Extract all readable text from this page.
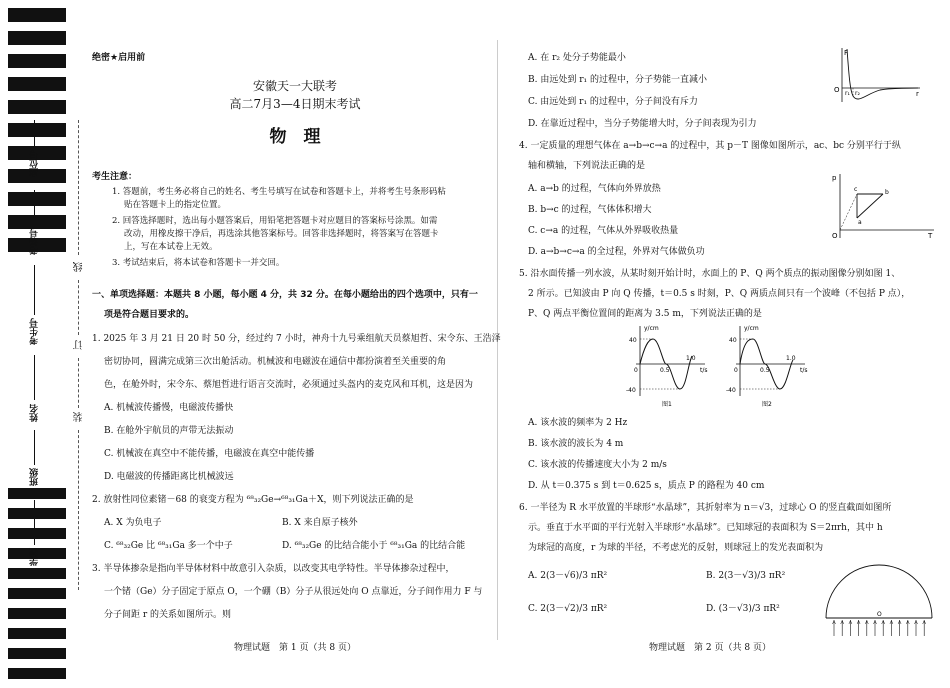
座位号
考场号
考生号
姓名
班级
学校
线
订
装
绝密★启用前
安徽天一大联考
高二7月3—4日期末考试
物　理
考生注意：
1. 答题前，考生务必将自己的姓名、考生号填写在试卷和答题卡上，并将考生号条形码粘
贴在答题卡上的指定位置。
2. 回答选择题时，选出每小题答案后，用铅笔把答题卡对应题目的答案标号涂黑。如需
改动，用橡皮擦干净后，再选涂其他答案标号。回答非选择题时，将答案写在答题卡
上，写在本试卷上无效。
3. 考试结束后，将本试卷和答题卡一并交回。
一、单项选择题：本题共 8 小题，每小题 4 分，共 32 分。在每小题给出的四个选项中，只有一
项是符合题目要求的。
1. 2025 年 3 月 21 日 20 时 50 分，经过约 7 小时，神舟十九号乘组航天员蔡旭哲、宋令东、王浩泽
密切协同，圆满完成第三次出舱活动。机械波和电磁波在通信中都扮演着至关重要的角
色，在舱外时，宋令东、蔡旭哲进行语言交流时，必须通过头盔内的麦克风和耳机，这是因为
A. 机械波传播慢，电磁波传播快
B. 在舱外宇航员的声带无法振动
C. 机械波在真空中不能传播，电磁波在真空中能传播
D. 电磁波的传播距离比机械波远
2. 放射性同位素锗－68 的衰变方程为 ⁶⁸₃₂Ge→⁶⁸₃₁Ga＋X，则下列说法正确的是
A. X 为负电子	B. X 来自原子核外
C. ⁶⁸₃₂Ge 比 ⁶⁸₃₁Ga 多一个中子	D. ⁶⁸₃₂Ge 的比结合能小于 ⁶⁸₃₁Ga 的比结合能
3. 半导体掺杂是指向半导体材料中故意引入杂质，以改变其电学特性。半导体掺杂过程中，
一个锗（Ge）分子固定于原点 O，一个硼（B）分子从很远处向 O 点靠近，分子间作用力 F 与
分子间距 r 的关系如图所示。则
物理试题　第 1 页（共 8 页）
A. 在 r₂ 处分子势能最小
B. 由远处到 r₁ 的过程中，分子势能一直减小
C. 由远处到 r₁ 的过程中，分子间没有斥力
D. 在靠近过程中，当分子势能增大时，分子间表现为引力
F
r
O r₁ r₂
4. 一定质量的理想气体在 a→b→c→a 的过程中，其 p－T 图像如图所示，ac、bc 分别平行于纵
轴和横轴，下列说法正确的是
A. a→b 的过程，气体向外界放热
B. b→c 的过程，气体体积增大
C. c→a 的过程，气体从外界吸收热量
D. a→b→c→a 的全过程，外界对气体做负功
p
T
O
a
b
c
5. 沿水面传播一列水波，从某时刻开始计时，水面上的 P、Q 两个质点的振动图像分别如图 1、
2 所示。已知波由 P 向 Q 传播，t＝0.5 s 时刻，P、Q 两质点间只有一个波峰（不包括 P 点），
P、Q 两点平衡位置间的距离为 3.5 m，下列说法正确的是
y/cm
t/s
40
-40
0	0.5
1.0
图1
y/cm
t/s
40
-40
0	0.5
1.0
图2
A. 该水波的频率为 2 Hz
B. 该水波的波长为 4 m
C. 该水波的传播速度大小为 2 m/s
D. 从 t＝0.375 s 到 t＝0.625 s，质点 P 的路程为 40 cm
6. 一半径为 R 水平放置的半球形“水晶球”，其折射率为 n＝√3，过球心 O 的竖直截面如图所
示。垂直于水平面的平行光射入半球形“水晶球”。已知球冠的表面积为 S＝2πrh，其中 h
为球冠的高度，r 为球的半径，不考虑光的反射，则球冠上的发光表面积为
A. 2(3－√6)/3 πR²	B. 2(3－√3)/3 πR²
C. 2(3－√2)/3 πR²	D. (3－√3)/3 πR²
O
物理试题　第 2 页（共 8 页）
